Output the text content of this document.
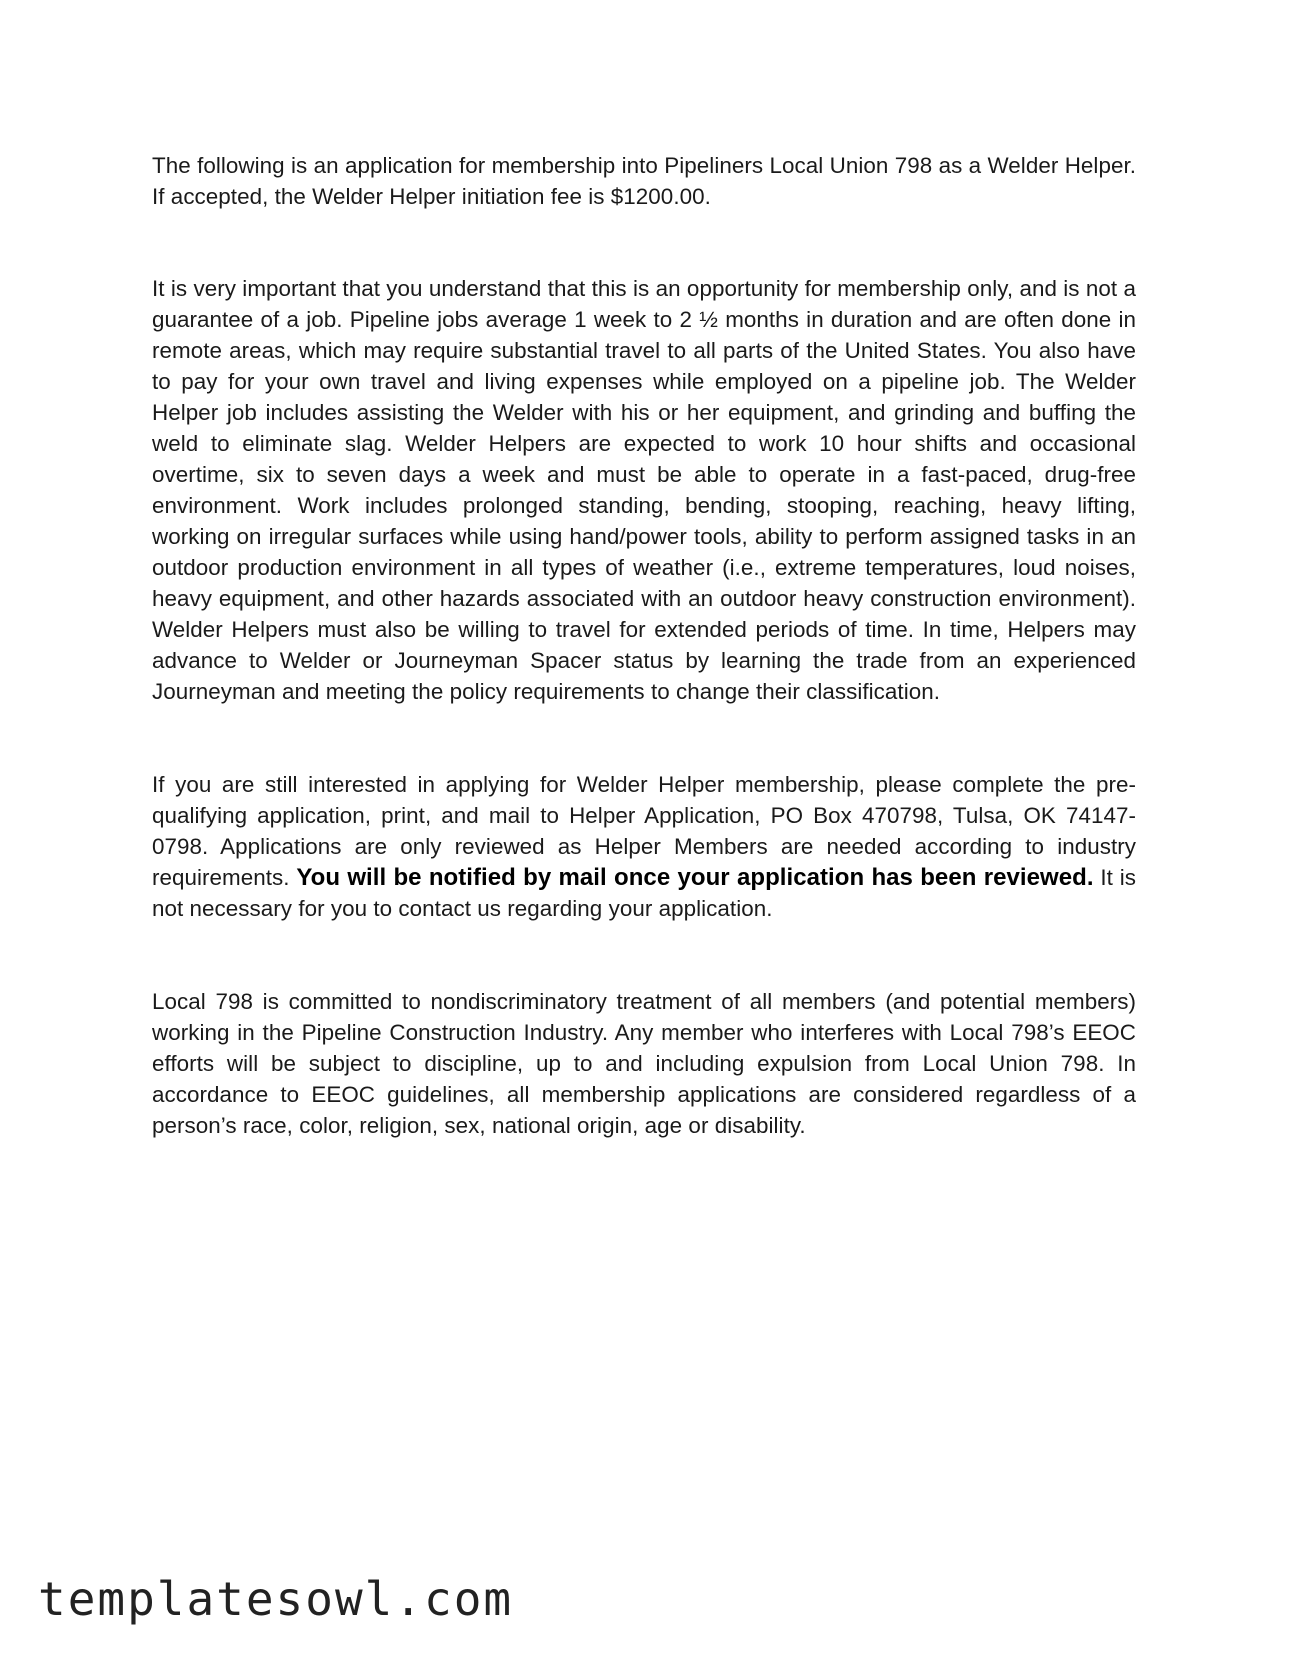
The following is an application for membership into Pipeliners Local Union 798 as a Welder Helper. If accepted, the Welder Helper initiation fee is $1200.00.

It is very important that you understand that this is an opportunity for membership only, and is not a guarantee of a job. Pipeline jobs average 1 week to 2 ½ months in duration and are often done in remote areas, which may require substantial travel to all parts of the United States. You also have to pay for your own travel and living expenses while employed on a pipeline job. The Welder Helper job includes assisting the Welder with his or her equipment, and grinding and buffing the weld to eliminate slag. Welder Helpers are expected to work 10 hour shifts and occasional overtime, six to seven days a week and must be able to operate in a fast-paced, drug-free environment. Work includes prolonged standing, bending, stooping, reaching, heavy lifting, working on irregular surfaces while using hand/power tools, ability to perform assigned tasks in an outdoor production environment in all types of weather (i.e., extreme temperatures, loud noises, heavy equipment, and other hazards associated with an outdoor heavy construction environment). Welder Helpers must also be willing to travel for extended periods of time. In time, Helpers may advance to Welder or Journeyman Spacer status by learning the trade from an experienced Journeyman and meeting the policy requirements to change their classification.

If you are still interested in applying for Welder Helper membership, please complete the pre-qualifying application, print, and mail to Helper Application, PO Box 470798, Tulsa, OK 74147-0798. Applications are only reviewed as Helper Members are needed according to industry requirements. You will be notified by mail once your application has been reviewed. It is not necessary for you to contact us regarding your application.

Local 798 is committed to nondiscriminatory treatment of all members (and potential members) working in the Pipeline Construction Industry. Any member who interferes with Local 798’s EEOC efforts will be subject to discipline, up to and including expulsion from Local Union 798. In accordance to EEOC guidelines, all membership applications are considered regardless of a person’s race, color, religion, sex, national origin, age or disability.

templatesowl.com
